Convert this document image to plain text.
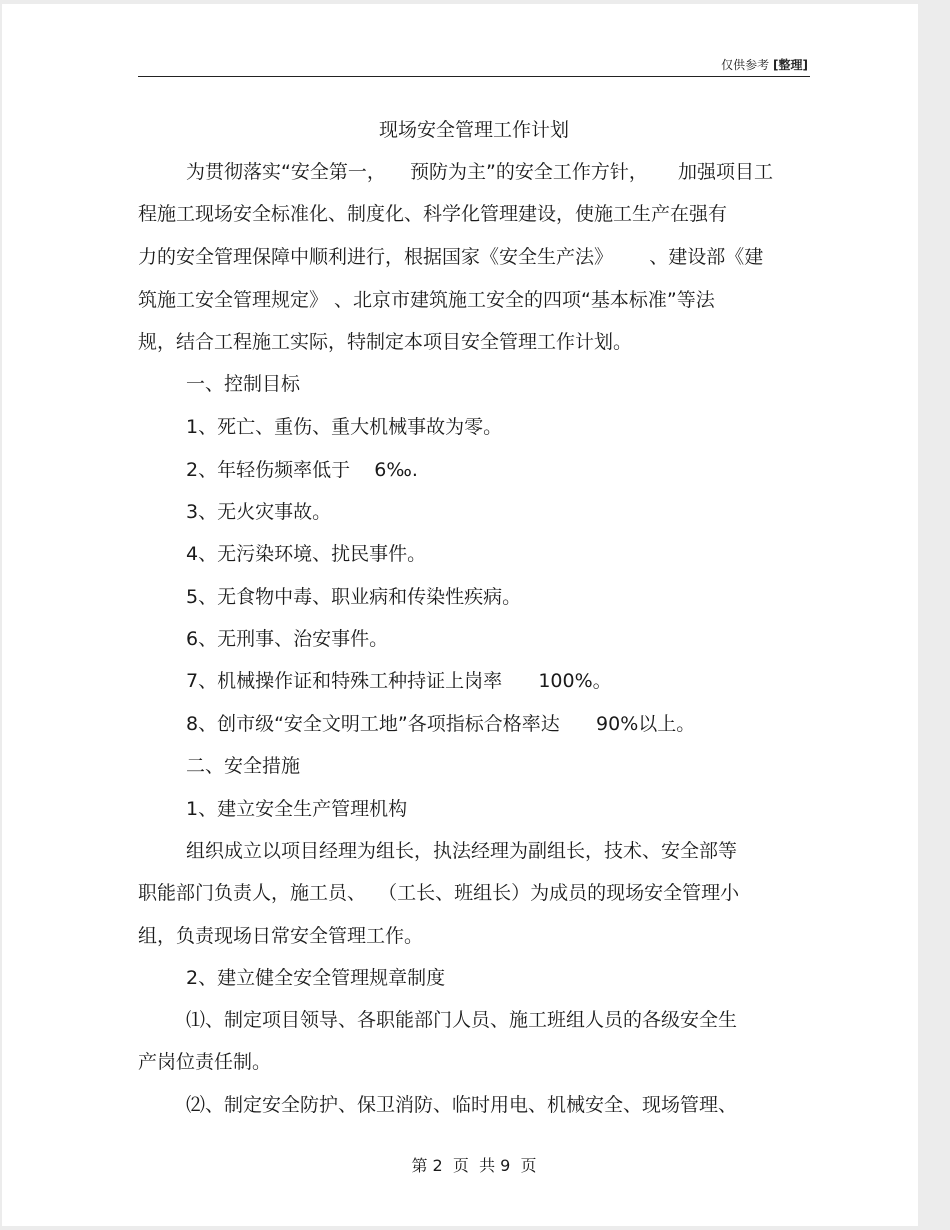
仅供参考 [整理]
现场安全管理工作计划
为贯彻落实“安全第一，    预防为主”的安全工作方针，     加强项目工
程施工现场安全标准化、制度化、科学化管理建设，使施工生产在强有
力的安全管理保障中顺利进行，根据国家《安全生产法》      、建设部《建
筑施工安全管理规定》 、北京市建筑施工安全的四项“基本标准”等法
规，结合工程施工实际，特制定本项目安全管理工作计划。
一、控制目标
1、死亡、重伤、重大机械事故为零。
2、年轻伤频率低于    6‰.
3、无火灾事故。
4、无污染环境、扰民事件。
5、无食物中毒、职业病和传染性疾病。
6、无刑事、治安事件。
7、机械操作证和特殊工种持证上岗率      100%。
8、创市级“安全文明工地”各项指标合格率达      90%以上。
二、安全措施
1、建立安全生产管理机构
组织成立以项目经理为组长，执法经理为副组长，技术、安全部等
职能部门负责人，施工员、  （工长、班组长）为成员的现场安全管理小
组，负责现场日常安全管理工作。
2、建立健全安全管理规章制度
⑴、制定项目领导、各职能部门人员、施工班组人员的各级安全生
产岗位责任制。
⑵、制定安全防护、保卫消防、临时用电、机械安全、现场管理、
第 2  页  共 9  页
